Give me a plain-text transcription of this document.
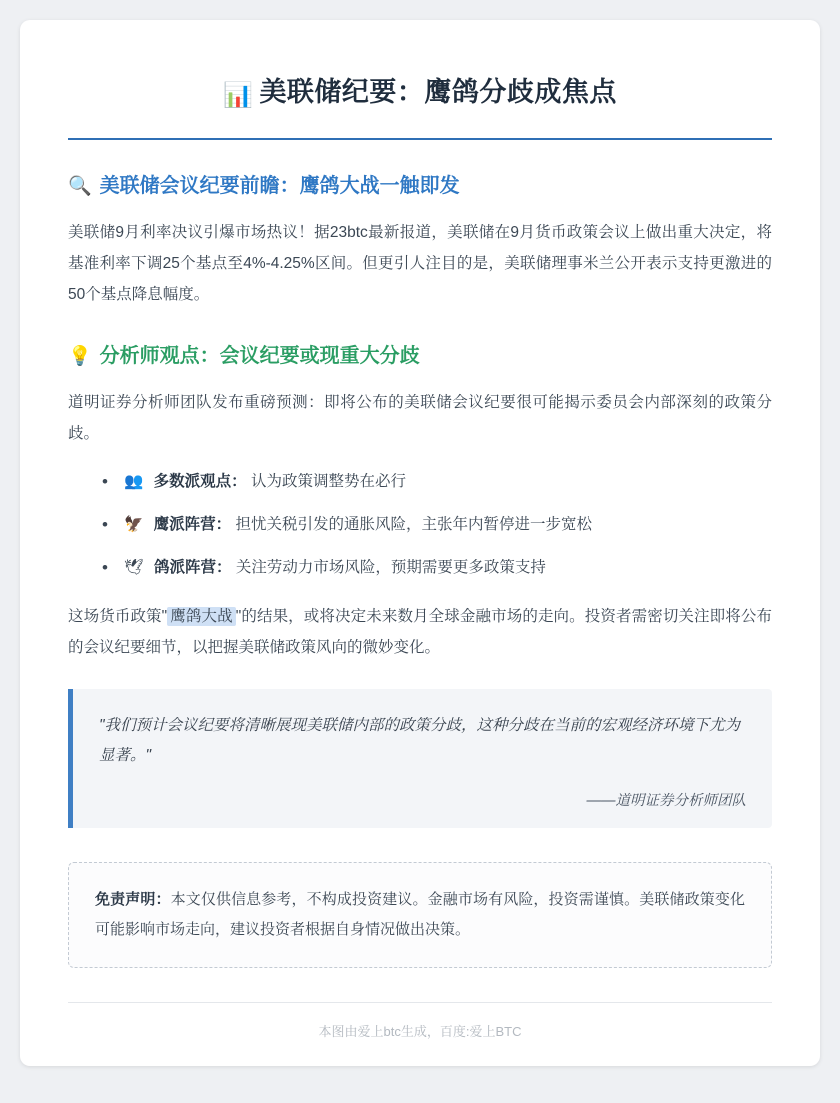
📊 美联储纪要：鹰鸽分歧成焦点
🔍 美联储会议纪要前瞻：鹰鸽大战一触即发

美联储9月利率决议引爆市场热议！据23btc最新报道，美联储在9月货币政策会议上做出重大决定，将基准利率下调25个基点至4%-4.25%区间。但更引人注目的是，美联储理事米兰公开表示支持更激进的50个基点降息幅度。

💡 分析师观点：会议纪要或现重大分歧

道明证券分析师团队发布重磅预测：即将公布的美联储会议纪要很可能揭示委员会内部深刻的政策分歧。

• 👥 多数派观点： 认为政策调整势在必行
• 🦅 鹰派阵营： 担忧关税引发的通胀风险，主张年内暂停进一步宽松
• 🕊 鸽派阵营： 关注劳动力市场风险，预期需要更多政策支持

这场货币政策" 鹰鸽大战 "的结果，或将决定未来数月全球金融市场的走向。投资者需密切关注即将公布的会议纪要细节，以把握美联储政策风向的微妙变化。

"我们预计会议纪要将清晰展现美联储内部的政策分歧，这种分歧在当前的宏观经济环境下尤为显著。"

——道明证券分析师团队

免责声明：本文仅供信息参考，不构成投资建议。金融市场有风险，投资需谨慎。美联储政策变化可能影响市场走向，建议投资者根据自身情况做出决策。

本图由爱上btc生成，百度:爱上BTC
